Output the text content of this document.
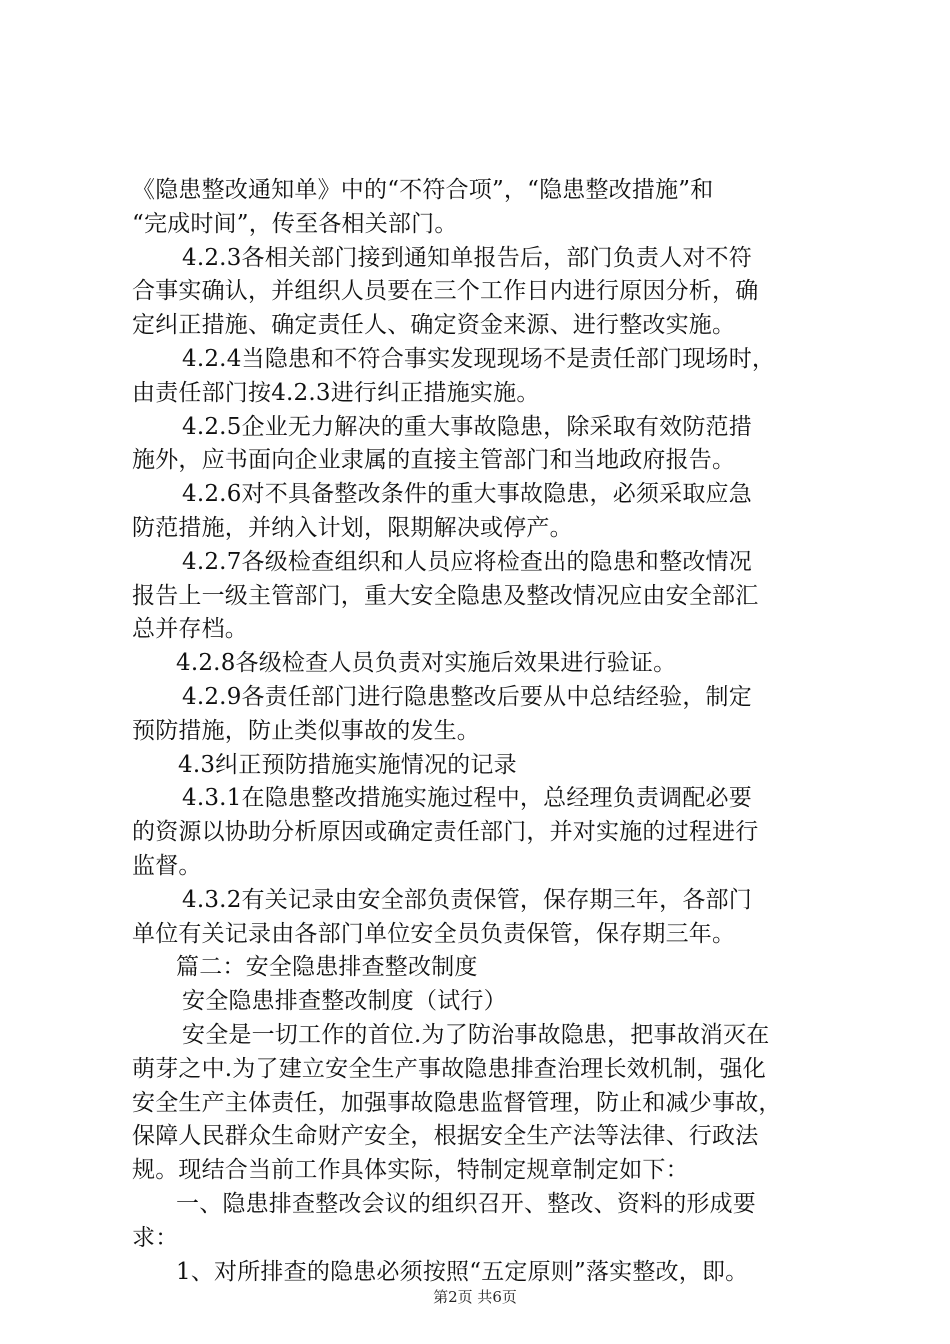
《隐患整改通知单》中的“不符合项”，“隐患整改措施”和
“完成时间”，传至各相关部门。
4.2.3各相关部门接到通知单报告后，部门负责人对不符
合事实确认，并组织人员要在三个工作日内进行原因分析，确
定纠正措施、确定责任人、确定资金来源、进行整改实施。
4.2.4当隐患和不符合事实发现现场不是责任部门现场时，
由责任部门按4.2.3进行纠正措施实施。
4.2.5企业无力解决的重大事故隐患，除采取有效防范措
施外，应书面向企业隶属的直接主管部门和当地政府报告。
4.2.6对不具备整改条件的重大事故隐患，必须采取应急
防范措施，并纳入计划，限期解决或停产。
4.2.7各级检查组织和人员应将检查出的隐患和整改情况
报告上一级主管部门，重大安全隐患及整改情况应由安全部汇
总并存档。
4.2.8各级检查人员负责对实施后效果进行验证。
4.2.9各责任部门进行隐患整改后要从中总结经验，制定
预防措施，防止类似事故的发生。
4.3纠正预防措施实施情况的记录
4.3.1在隐患整改措施实施过程中，总经理负责调配必要
的资源以协助分析原因或确定责任部门，并对实施的过程进行
监督。
4.3.2有关记录由安全部负责保管，保存期三年，各部门
单位有关记录由各部门单位安全员负责保管，保存期三年。
篇二：安全隐患排查整改制度
安全隐患排查整改制度（试行）
安全是一切工作的首位.为了防治事故隐患，把事故消灭在
萌芽之中.为了建立安全生产事故隐患排查治理长效机制，强化
安全生产主体责任，加强事故隐患监督管理，防止和减少事故，
保障人民群众生命财产安全，根据安全生产法等法律、行政法
规。现结合当前工作具体实际，特制定规章制定如下：
一、隐患排查整改会议的组织召开、整改、资料的形成要
求：
1、对所排查的隐患必须按照“五定原则”落实整改，即。
第2页 共6页
